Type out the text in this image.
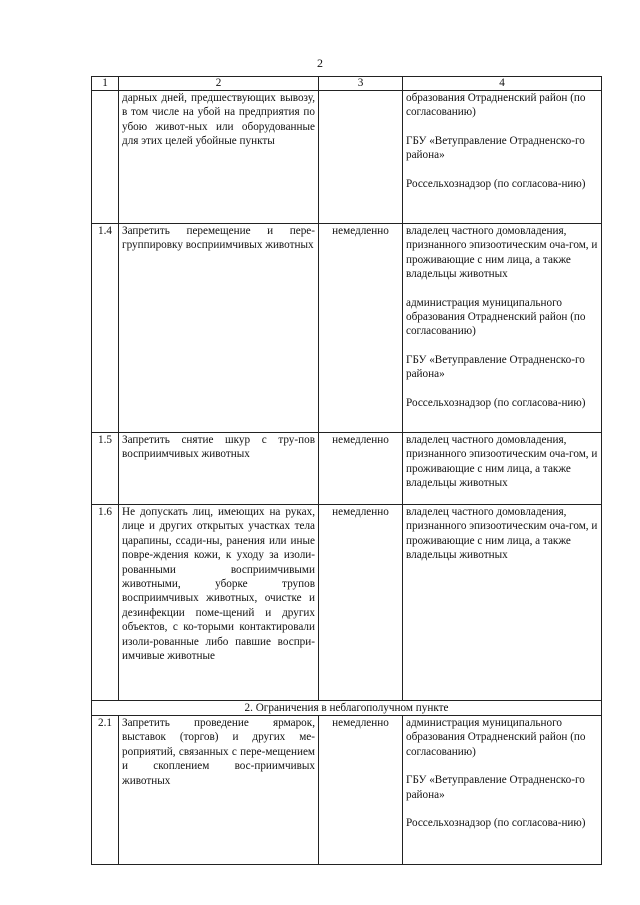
2
1	2	3	4
	дарных дней, предшествующих вывозу, в том числе на убой на предприятия по убою живот-ных или оборудованные для этих целей убойные пункты		образования Отрадненский район (по согласованию)
ГБУ «Ветуправление Отрадненско-го района»
Россельхознадзор (по согласова-нию)

1.4	Запретить перемещение и пере-группировку восприимчивых животных	немедленно	владелец частного домовладения, признанного эпизоотическим оча-гом, и проживающие с ним лица, а также владельцы животных
администрация муниципального образования Отрадненский район (по согласованию)
ГБУ «Ветуправление Отрадненско-го района»
Россельхознадзор (по согласова-нию)

1.5	Запретить снятие шкур с тру-пов восприимчивых животных	немедленно	владелец частного домовладения, признанного эпизоотическим оча-гом, и проживающие с ним лица, а также владельцы животных

1.6	Не допускать лиц, имеющих на руках, лице и других открытых участках тела царапины, ссади-ны, ранения или иные повре-ждения кожи, к уходу за изоли-рованными восприимчивыми животными, уборке трупов восприимчивых животных, очистке и дезинфекции поме-щений и других объектов, с ко-торыми контактировали изоли-рованные либо павшие воспри-имчивые животные	немедленно	владелец частного домовладения, признанного эпизоотическим оча-гом, и проживающие с ним лица, а также владельцы животных

2. Ограничения в неблагополучном пункте			
2.1	Запретить проведение ярмарок, выставок (торгов) и других ме-роприятий, связанных с пере-мещением и скоплением вос-приимчивых животных	немедленно	администрация муниципального образования Отрадненский район (по согласованию)
ГБУ «Ветуправление Отрадненско-го района»
Россельхознадзор (по согласова-нию)
